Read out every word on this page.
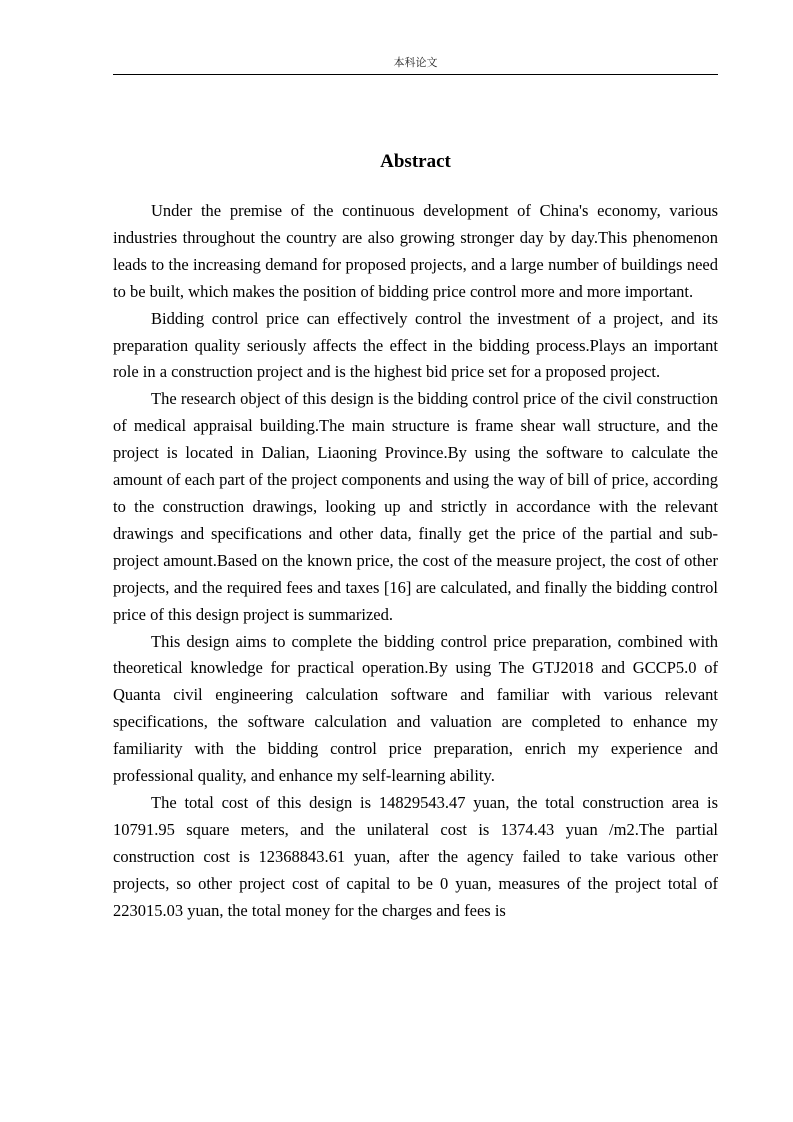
本科论文
Abstract

Under the premise of the continuous development of China's economy, various industries throughout the country are also growing stronger day by day.This phenomenon leads to the increasing demand for proposed projects, and a large number of buildings need to be built, which makes the position of bidding price control more and more important.

Bidding control price can effectively control the investment of a project, and its preparation quality seriously affects the effect in the bidding process.Plays an important role in a construction project and is the highest bid price set for a proposed project.

The research object of this design is the bidding control price of the civil construction of medical appraisal building.The main structure is frame shear wall structure, and the project is located in Dalian, Liaoning Province.By using the software to calculate the amount of each part of the project components and using the way of bill of price, according to the construction drawings, looking up and strictly in accordance with the relevant drawings and specifications and other data, finally get the price of the partial and sub-project amount.Based on the known price, the cost of the measure project, the cost of other projects, and the required fees and taxes [16] are calculated, and finally the bidding control price of this design project is summarized.

This design aims to complete the bidding control price preparation, combined with theoretical knowledge for practical operation.By using The GTJ2018 and GCCP5.0 of Quanta civil engineering calculation software and familiar with various relevant specifications, the software calculation and valuation are completed to enhance my familiarity with the bidding control price preparation, enrich my experience and professional quality, and enhance my self-learning ability.

The total cost of this design is 14829543.47 yuan, the total construction area is 10791.95 square meters, and the unilateral cost is 1374.43 yuan /m2.The partial construction cost is 12368843.61 yuan, after the agency failed to take various other projects, so other project cost of capital to be 0 yuan, measures of the project total of 223015.03 yuan, the total money for the charges and fees is
